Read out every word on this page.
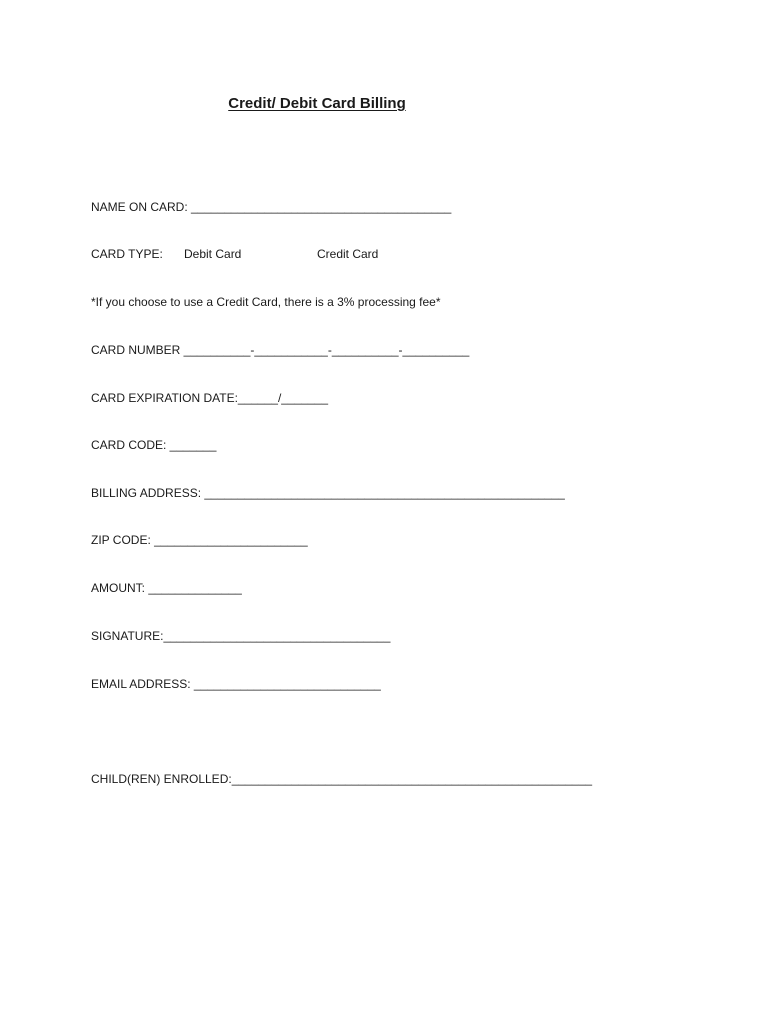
Credit/ Debit Card Billing
NAME ON CARD: _______________________________________
CARD TYPE: Debit Card	Credit Card
*If you choose to use a Credit Card, there is a 3% processing fee*
CARD NUMBER __________-___________-__________-__________
CARD EXPIRATION DATE:______/_______
CARD CODE: _______
BILLING ADDRESS: ______________________________________________________
ZIP CODE: _______________________
AMOUNT: ______________
SIGNATURE:__________________________________
EMAIL ADDRESS: ____________________________
CHILD(REN) ENROLLED:______________________________________________________
